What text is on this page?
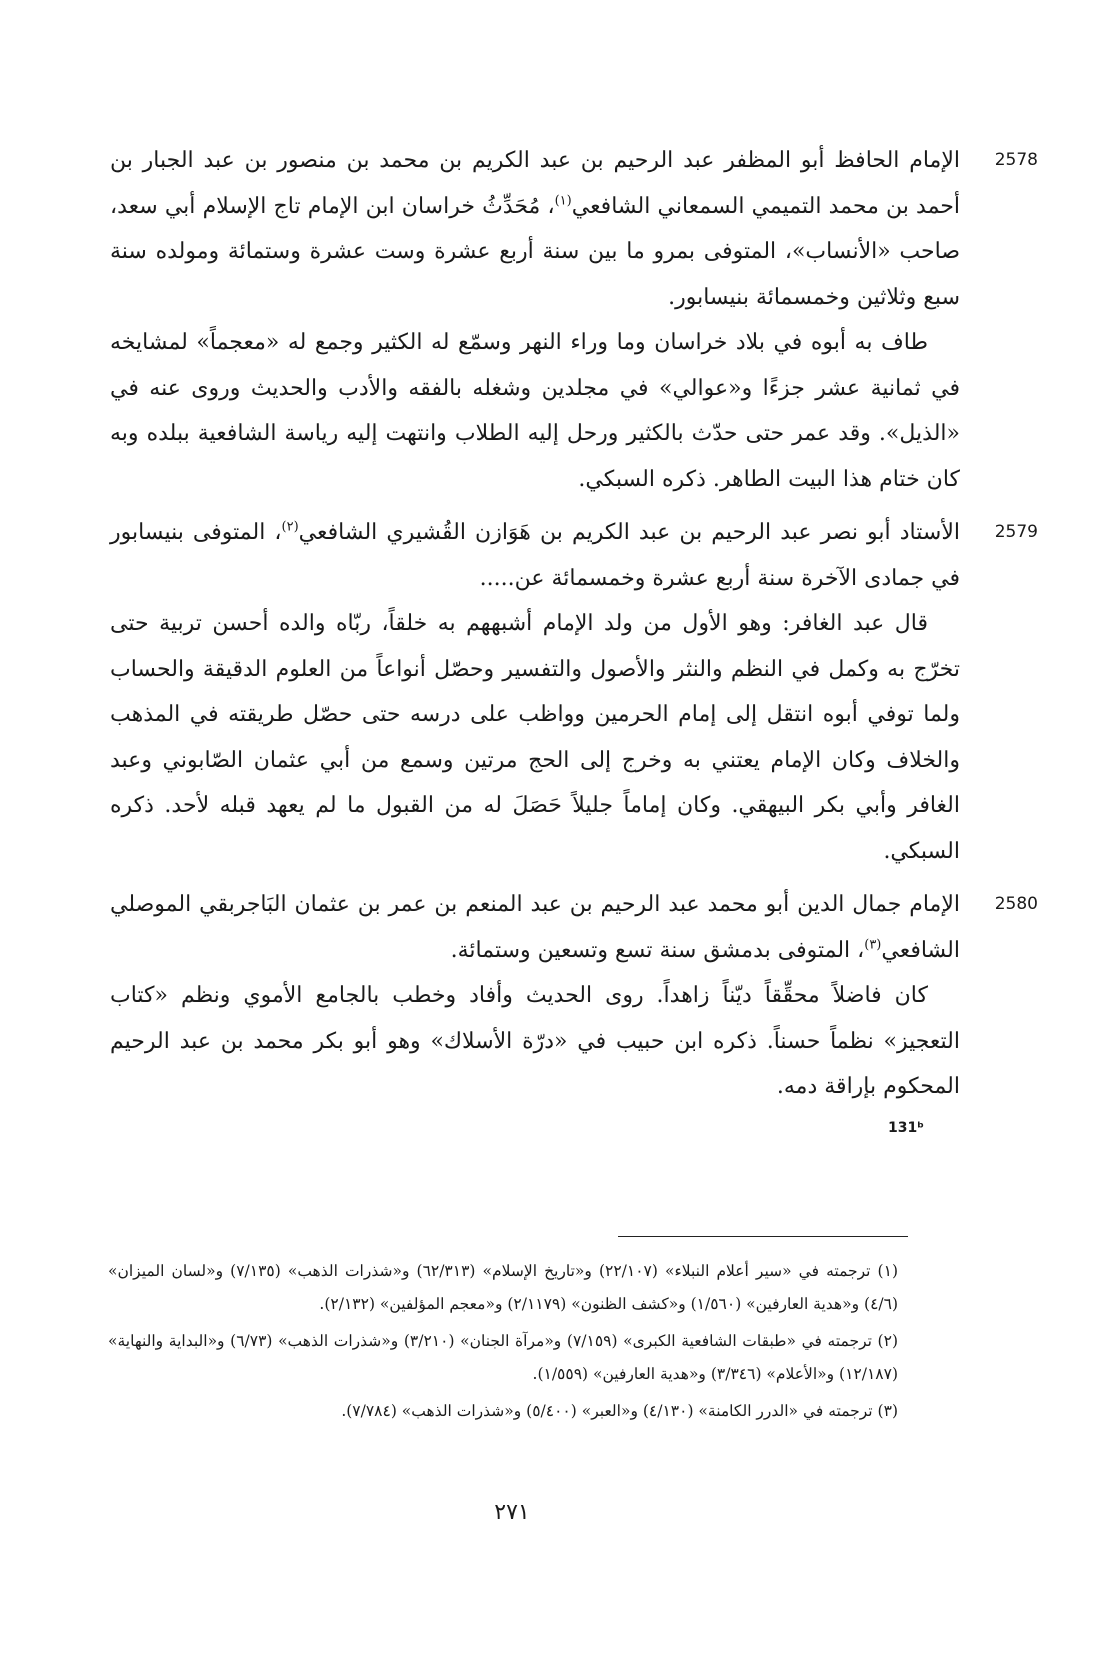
2578
الإمام الحافظ أبو المظفر عبد الرحيم بن عبد الكريم بن محمد بن منصور بن عبد الجبار بن أحمد بن محمد التميمي السمعاني الشافعي$^{(١)}$، مُحَدِّثُ خراسان ابن الإمام تاج الإسلام أبي سعد، صاحب «الأنساب»، المتوفى بمرو ما بين سنة أربع عشرة وست عشرة وستمائة ومولده سنة سبع وثلاثين وخمسمائة بنيسابور.
طاف به أبوه في بلاد خراسان وما وراء النهر وسمّع له الكثير وجمع له «معجماً» لمشايخه في ثمانية عشر جزءًا و«عوالي» في مجلدين وشغله بالفقه والأدب والحديث وروى عنه في «الذيل». وقد عمر حتى حدّث بالكثير ورحل إليه الطلاب وانتهت إليه رياسة الشافعية ببلده وبه كان ختام هذا البيت الطاهر. ذكره السبكي.
2579
الأستاد أبو نصر عبد الرحيم بن عبد الكريم بن هَوَازن القُشيري الشافعي$^{(٢)}$، المتوفى بنيسابور في جمادى الآخرة سنة أربع عشرة وخمسمائة عن.....
قال عبد الغافر: وهو الأول من ولد الإمام أشبههم به خلقاً، ربّاه والده أحسن تربية حتى تخرّج به وكمل في النظم والنثر والأصول والتفسير وحصّل أنواعاً من العلوم الدقيقة والحساب ولما توفي أبوه انتقل إلى إمام الحرمين وواظب على درسه حتى حصّل طريقته في المذهب والخلاف وكان الإمام يعتني به وخرج إلى الحج مرتين وسمع من أبي عثمان الصّابوني وعبد الغافر وأبي بكر البيهقي. وكان إماماً جليلاً حَصَلَ له من القبول ما لم يعهد قبله لأحد. ذكره السبكي.
2580
الإمام جمال الدين أبو محمد عبد الرحيم بن عبد المنعم بن عمر بن عثمان البَاجربقي الموصلي الشافعي$^{(٣)}$، المتوفى بدمشق سنة تسع وتسعين وستمائة.
كان فاضلاً محقِّقاً ديّناً زاهداً. روى الحديث وأفاد وخطب بالجامع الأموي ونظم «كتاب التعجيز» نظماً حسناً. ذكره ابن حبيب في «درّة الأسلاك» وهو أبو بكر محمد بن عبد الرحيم المحكوم بإراقة دمه.
131ᵇ

(١) ترجمته في «سير أعلام النبلاء» (٢٢/١٠٧) و«تاريخ الإسلام» (٦٢/٣١٣) و«شذرات الذهب» (٧/١٣٥) و«لسان الميزان» (٤/٦) و«هدية العارفين» (١/٥٦٠) و«كشف الظنون» (٢/١١٧٩) و«معجم المؤلفين» (٢/١٣٢).

(٢) ترجمته في «طبقات الشافعية الكبرى» (٧/١٥٩) و«مرآة الجنان» (٣/٢١٠) و«شذرات الذهب» (٦/٧٣) و«البداية والنهاية» (١٢/١٨٧) و«الأعلام» (٣/٣٤٦) و«هدية العارفين» (١/٥٥٩).

(٣) ترجمته في «الدرر الكامنة» (٤/١٣٠) و«العبر» (٥/٤٠٠) و«شذرات الذهب» (٧/٧٨٤).

٢٧١
